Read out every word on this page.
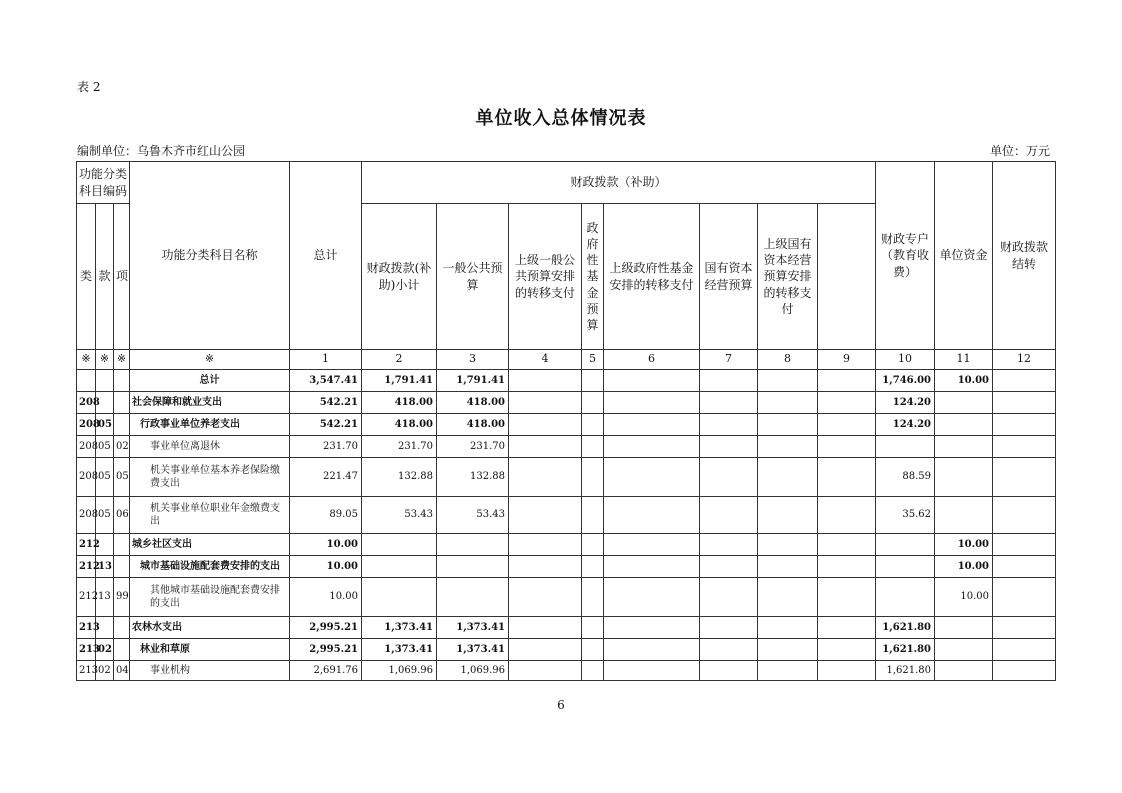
表 2
单位收入总体情况表
编制单位：乌鲁木齐市红山公园	单位：万元
功能分类科目编码			功能分类科目名称	总计	财政拨款（补助）								财政专户（教育收费）	单位资金	财政拨款结转	
类	款	项			财政拨款(补助)小计	一般公共预算	上级一般公共预算安排的转移支付	政府性基金预算	上级政府性基金安排的转移支付	国有资本经营预算	上级国有资本经营预算安排的转移支付					
※	※	※	※	1	2	3	4	5	6	7	8	9	10	11	12	
			总计	3,547.41	1,791.41	1,791.41							1,746.00	10.00		
208			社会保障和就业支出	542.21	418.00	418.00							124.20			
208	05		行政事业单位养老支出	542.21	418.00	418.00							124.20			
208	05	02	事业单位离退休	231.70	231.70	231.70										
208	05	05	机关事业单位基本养老保险缴费支出	221.47	132.88	132.88							88.59			
208	05	06	机关事业单位职业年金缴费支出	89.05	53.43	53.43							35.62			
212			城乡社区支出	10.00										10.00		
212	13		城市基础设施配套费安排的支出	10.00										10.00		
212	13	99	其他城市基础设施配套费安排的支出	10.00										10.00		
213			农林水支出	2,995.21	1,373.41	1,373.41							1,621.80			
213	02		林业和草原	2,995.21	1,373.41	1,373.41							1,621.80			
213	02	04	事业机构	2,691.76	1,069.96	1,069.96							1,621.80			
6
